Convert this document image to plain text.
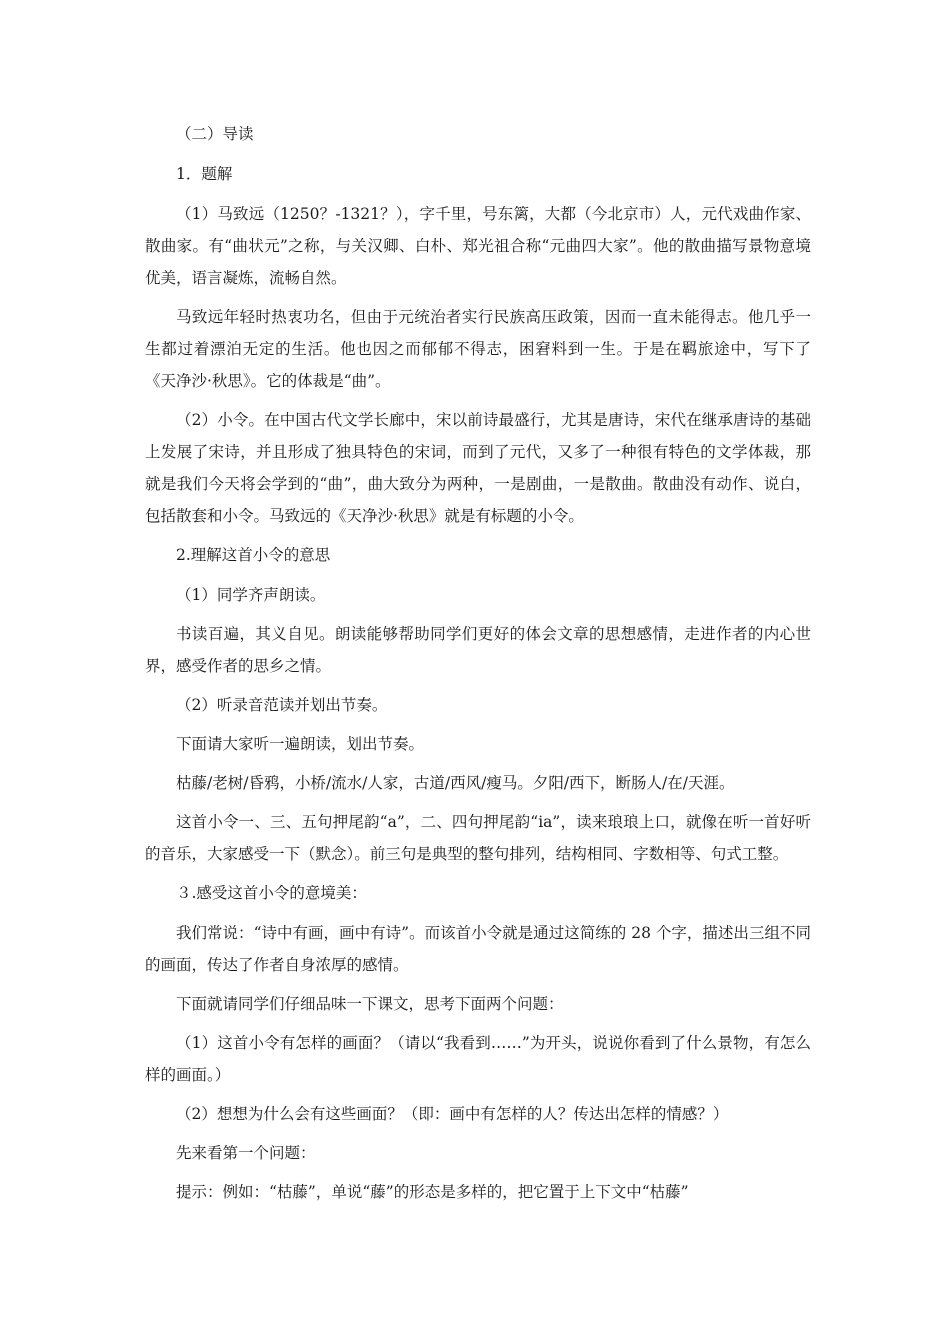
（二）导读

1．题解

（1）马致远（1250？-1321？），字千里，号东篱，大都（今北京市）人，元代戏曲作家、散曲家。有“曲状元”之称，与关汉卿、白朴、郑光祖合称“元曲四大家”。他的散曲描写景物意境优美，语言凝炼，流畅自然。

马致远年轻时热衷功名，但由于元统治者实行民族高压政策，因而一直未能得志。他几乎一生都过着漂泊无定的生活。他也因之而郁郁不得志，困窘料到一生。于是在羁旅途中，写下了《天净沙·秋思》。它的体裁是“曲”。

（2）小令。在中国古代文学长廊中，宋以前诗最盛行，尤其是唐诗，宋代在继承唐诗的基础上发展了宋诗，并且形成了独具特色的宋词，而到了元代，又多了一种很有特色的文学体裁，那就是我们今天将会学到的“曲”，曲大致分为两种，一是剧曲，一是散曲。散曲没有动作、说白，包括散套和小令。马致远的《天净沙·秋思》就是有标题的小令。

2.理解这首小令的意思

（1）同学齐声朗读。

书读百遍，其义自见。朗读能够帮助同学们更好的体会文章的思想感情，走进作者的内心世界，感受作者的思乡之情。

（2）听录音范读并划出节奏。

下面请大家听一遍朗读，划出节奏。

枯藤/老树/昏鸦，小桥/流水/人家，古道/西风/瘦马。夕阳/西下，断肠人/在/天涯。

这首小令一、三、五句押尾韵“a”，二、四句押尾韵“ia”，读来琅琅上口，就像在听一首好听的音乐，大家感受一下（默念）。前三句是典型的整句排列，结构相同、字数相等、句式工整。

３.感受这首小令的意境美：

我们常说：“诗中有画，画中有诗”。而该首小令就是通过这简练的 28 个字，描述出三组不同的画面，传达了作者自身浓厚的感情。

下面就请同学们仔细品味一下课文，思考下面两个问题：

（1）这首小令有怎样的画面？（请以“我看到……”为开头，说说你看到了什么景物，有怎么样的画面。）

（2）想想为什么会有这些画面？（即：画中有怎样的人？传达出怎样的情感？）

先来看第一个问题：

提示：例如：“枯藤”，单说“藤”的形态是多样的，把它置于上下文中“枯藤”
